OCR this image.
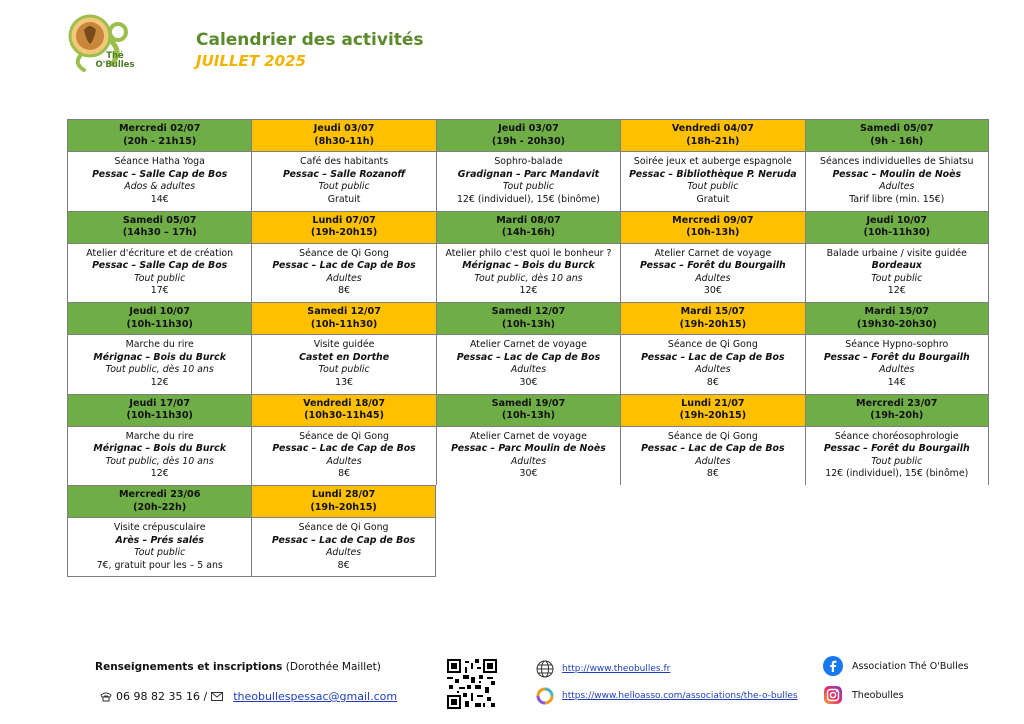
Thé
O'Bulles
Calendrier des activités
JUILLET 2025
Mercredi 02/07
(20h - 21h15)
Séance Hatha Yoga
Pessac – Salle Cap de Bos
Ados & adultes
14€
Jeudi 03/07
(8h30-11h)
Café des habitants
Pessac – Salle Rozanoff
Tout public
Gratuit
Jeudi 03/07
(19h - 20h30)
Sophro-balade
Gradignan – Parc Mandavit
Tout public
12€ (individuel), 15€ (binôme)
Vendredi 04/07
(18h-21h)
Soirée jeux et auberge espagnole
Pessac – Bibliothèque P. Neruda
Tout public
Gratuit
Samedi 05/07
(9h - 16h)
Séances individuelles de Shiatsu
Pessac – Moulin de Noès
Adultes
Tarif libre (min. 15€)
Samedi 05/07
(14h30 – 17h)
Atelier d'écriture et de création
Pessac – Salle Cap de Bos
Tout public
17€
Lundi 07/07
(19h-20h15)
Séance de Qi Gong
Pessac – Lac de Cap de Bos
Adultes
8€
Mardi 08/07
(14h-16h)
Atelier philo c'est quoi le bonheur ?
Mérignac – Bois du Burck
Tout public, dès 10 ans
12€
Mercredi 09/07
(10h-13h)
Atelier Carnet de voyage
Pessac – Forêt du Bourgailh
Adultes
30€
Jeudi 10/07
(10h-11h30)
Balade urbaine / visite guidée
Bordeaux
Tout public
12€
Jeudi 10/07
(10h-11h30)
Marche du rire
Mérignac – Bois du Burck
Tout public, dès 10 ans
12€
Samedi 12/07
(10h-11h30)
Visite guidée
Castet en Dorthe
Tout public
13€
Samedi 12/07
(10h-13h)
Atelier Carnet de voyage
Pessac – Lac de Cap de Bos
Adultes
30€
Mardi 15/07
(19h-20h15)
Séance de Qi Gong
Pessac – Lac de Cap de Bos
Adultes
8€
Mardi 15/07
(19h30-20h30)
Séance Hypno-sophro
Pessac – Forêt du Bourgailh
Adultes
14€
Jeudi 17/07
(10h-11h30)
Marche du rire
Mérignac – Bois du Burck
Tout public, dès 10 ans
12€
Vendredi 18/07
(10h30-11h45)
Séance de Qi Gong
Pessac – Lac de Cap de Bos
Adultes
8€
Samedi 19/07
(10h-13h)
Atelier Carnet de voyage
Pessac – Parc Moulin de Noès
Adultes
30€
Lundi 21/07
(19h-20h15)
Séance de Qi Gong
Pessac – Lac de Cap de Bos
Adultes
8€
Mercredi 23/07
(19h-20h)
Séance choréosophrologie
Pessac – Forêt du Bourgailh
Tout public
12€ (individuel), 15€ (binôme)
Mercredi 23/06
(20h-22h)
Visite crépusculaire
Arès – Prés salés
Tout public
7€, gratuit pour les – 5 ans
Lundi 28/07
(19h-20h15)
Séance de Qi Gong
Pessac – Lac de Cap de Bos
Adultes
8€
Renseignements et inscriptions (Dorothée Maillet)
06 98 82 35 16 / theobullespessac@gmail.com
http://www.theobulles.fr
https://www.helloasso.com/associations/the-o-bulles
Association Thé O'Bulles
Theobulles
